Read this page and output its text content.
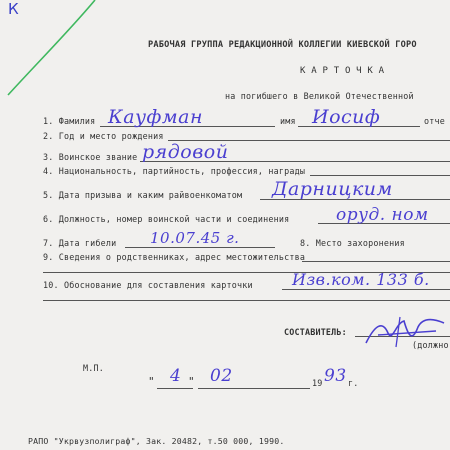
К
РАБОЧАЯ ГРУППА РЕДАКЦИОННОЙ КОЛЛЕГИИ КИЕВСКОЙ ГОРО
К А Р Т О Ч К А
на погибшего в Великой Отечественной
1. Фамилия Кауфман	имя Иосиф	отче
2. Год и место рождения
3. Воинское звание рядовой
4. Национальность, партийность, профессия, награды
5. Дата призыва и каким райвоенкоматом Дарницким
6. Должность, номер воинской части и соединения	оруд. ном
7. Дата гибели 10.07.45 г.	8. Место захоронения
9. Сведения о родственниках, адрес местожительства
10. Обоснование для составления карточки Изв.ком. 133 б.
СОСТАВИТЕЛЬ:
(должно
М.П.
" 4 " 02	19 93 г.
РАПО "Укрвузполиграф", Зак. 20482, т.50 000, 1990.
